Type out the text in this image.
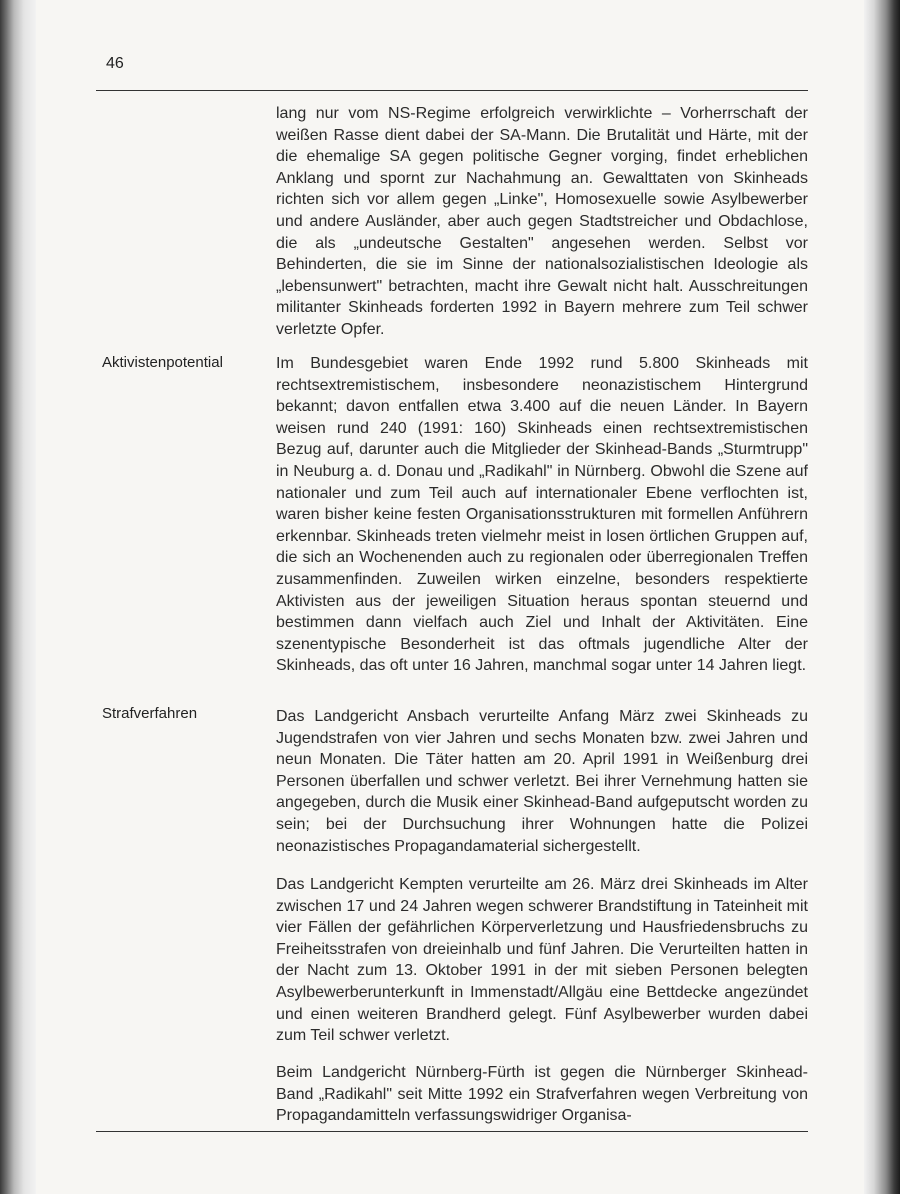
46
Aktivistenpotential
Strafverfahren

lang nur vom NS-Regime erfolgreich verwirklichte – Vorherrschaft der weißen Rasse dient dabei der SA-Mann. Die Brutalität und Härte, mit der die ehemalige SA gegen politische Gegner vorging, findet erheblichen Anklang und spornt zur Nachahmung an. Gewalttaten von Skinheads richten sich vor allem gegen „Linke", Homosexuelle sowie Asylbewerber und andere Ausländer, aber auch gegen Stadtstreicher und Obdachlose, die als „undeutsche Gestalten" angesehen werden. Selbst vor Behinderten, die sie im Sinne der nationalsozialistischen Ideologie als „lebensunwert" betrachten, macht ihre Gewalt nicht halt. Ausschreitungen militanter Skinheads forderten 1992 in Bayern mehrere zum Teil schwer verletzte Opfer.

Im Bundesgebiet waren Ende 1992 rund 5.800 Skinheads mit rechtsextremistischem, insbesondere neonazistischem Hintergrund bekannt; davon entfallen etwa 3.400 auf die neuen Länder. In Bayern weisen rund 240 (1991: 160) Skinheads einen rechtsextremistischen Bezug auf, darunter auch die Mitglieder der Skinhead-Bands „Sturmtrupp" in Neuburg a. d. Donau und „Radikahl" in Nürnberg. Obwohl die Szene auf nationaler und zum Teil auch auf internationaler Ebene verflochten ist, waren bisher keine festen Organisationsstrukturen mit formellen Anführern erkennbar. Skinheads treten vielmehr meist in losen örtlichen Gruppen auf, die sich an Wochenenden auch zu regionalen oder überregionalen Treffen zusammenfinden. Zuweilen wirken einzelne, besonders respektierte Aktivisten aus der jeweiligen Situation heraus spontan steuernd und bestimmen dann vielfach auch Ziel und Inhalt der Aktivitäten. Eine szenentypische Besonderheit ist das oftmals jugendliche Alter der Skinheads, das oft unter 16 Jahren, manchmal sogar unter 14 Jahren liegt.

Das Landgericht Ansbach verurteilte Anfang März zwei Skinheads zu Jugendstrafen von vier Jahren und sechs Monaten bzw. zwei Jahren und neun Monaten. Die Täter hatten am 20. April 1991 in Weißenburg drei Personen überfallen und schwer verletzt. Bei ihrer Vernehmung hatten sie angegeben, durch die Musik einer Skinhead-Band aufgeputscht worden zu sein; bei der Durchsuchung ihrer Wohnungen hatte die Polizei neonazistisches Propagandamaterial sichergestellt.

Das Landgericht Kempten verurteilte am 26. März drei Skinheads im Alter zwischen 17 und 24 Jahren wegen schwerer Brandstiftung in Tateinheit mit vier Fällen der gefährlichen Körperverletzung und Hausfriedensbruchs zu Freiheitsstrafen von dreieinhalb und fünf Jahren. Die Verurteilten hatten in der Nacht zum 13. Oktober 1991 in der mit sieben Personen belegten Asylbewerberunterkunft in Immenstadt/Allgäu eine Bettdecke angezündet und einen weiteren Brandherd gelegt. Fünf Asylbewerber wurden dabei zum Teil schwer verletzt.

Beim Landgericht Nürnberg-Fürth ist gegen die Nürnberger Skinhead-Band „Radikahl" seit Mitte 1992 ein Strafverfahren wegen Verbreitung von Propagandamitteln verfassungswidriger Organisa-
